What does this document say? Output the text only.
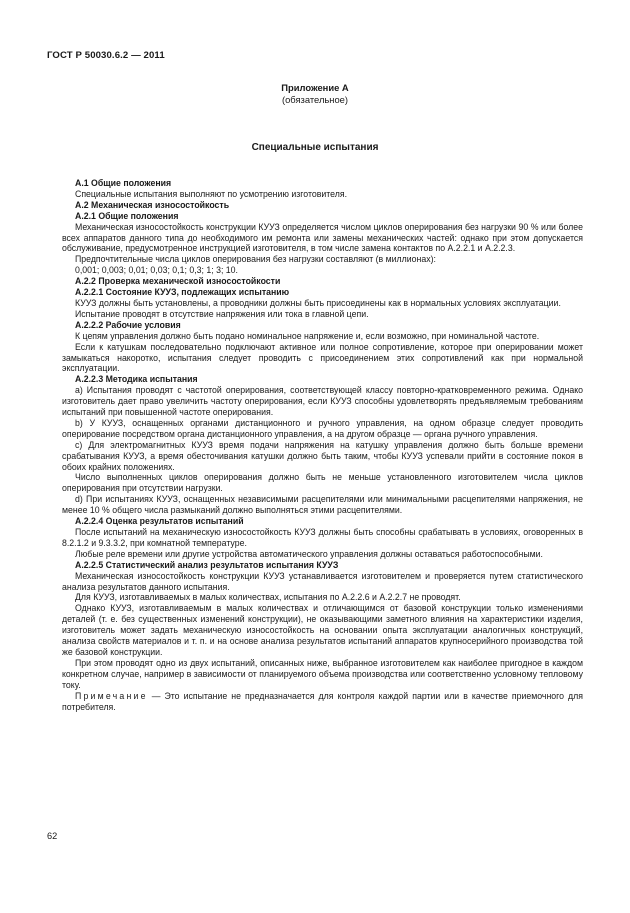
ГОСТ Р 50030.6.2 — 2011
Приложение А
(обязательное)
Специальные испытания

А.1 Общие положения

Специальные испытания выполняют по усмотрению изготовителя.

А.2 Механическая износостойкость

А.2.1 Общие положения

Механическая износостойкость конструкции КУУЗ определяется числом циклов оперирования без нагрузки 90 % или более всех аппаратов данного типа до необходимого им ремонта или замены механических частей: однако при этом допускается обслуживание, предусмотренное инструкцией изготовителя, в том числе замена контактов по А.2.2.1 и А.2.2.3.

Предпочтительные числа циклов оперирования без нагрузки составляют (в миллионах):

0,001; 0,003; 0,01; 0,03; 0,1; 0,3; 1; 3; 10.

А.2.2 Проверка механической износостойкости

А.2.2.1 Состояние КУУЗ, подлежащих испытанию

КУУЗ должны быть установлены, а проводники должны быть присоединены как в нормальных условиях эксплуатации.

Испытание проводят в отсутствие напряжения или тока в главной цепи.

А.2.2.2 Рабочие условия

К цепям управления должно быть подано номинальное напряжение и, если возможно, при номинальной частоте.

Если к катушкам последовательно подключают активное или полное сопротивление, которое при оперировании может замыкаться накоротко, испытания следует проводить с присоединением этих сопротивлений как при нормальной эксплуатации.

А.2.2.3 Методика испытания

а) Испытания проводят с частотой оперирования, соответствующей классу повторно-кратковременного режима. Однако изготовитель дает право увеличить частоту оперирования, если КУУЗ способны удовлетворять предъявляемым требованиям испытаний при повышенной частоте оперирования.

b) У КУУЗ, оснащенных органами дистанционного и ручного управления, на одном образце следует проводить оперирование посредством органа дистанционного управления, а на другом образце — органа ручного управления.

с) Для электромагнитных КУУЗ время подачи напряжения на катушку управления должно быть больше времени срабатывания КУУЗ, а время обесточивания катушки должно быть таким, чтобы КУУЗ успевали прийти в состояние покоя в обоих крайних положениях.

Число выполненных циклов оперирования должно быть не меньше установленного изготовителем числа циклов оперирования при отсутствии нагрузки.

d) При испытаниях КУУЗ, оснащенных независимыми расцепителями или минимальными расцепителями напряжения, не менее 10 % общего числа размыканий должно выполняться этими расцепителями.

А.2.2.4 Оценка результатов испытаний

После испытаний на механическую износостойкость КУУЗ должны быть способны срабатывать в условиях, оговоренных в 8.2.1.2 и 9.3.3.2, при комнатной температуре.

Любые реле времени или другие устройства автоматического управления должны оставаться работоспособными.

А.2.2.5 Статистический анализ результатов испытания КУУЗ

Механическая износостойкость конструкции КУУЗ устанавливается изготовителем и проверяется путем статистического анализа результатов данного испытания.

Для КУУЗ, изготавливаемых в малых количествах, испытания по А.2.2.6 и А.2.2.7 не проводят.

Однако КУУЗ, изготавливаемым в малых количествах и отличающимся от базовой конструкции только изменениями деталей (т. е. без существенных изменений конструкции), не оказывающими заметного влияния на характеристики изделия, изготовитель может задать механическую износостойкость на основании опыта эксплуатации аналогичных конструкций, анализа свойств материалов и т. п. и на основе анализа результатов испытаний аппаратов крупносерийного производства той же базовой конструкции.

При этом проводят одно из двух испытаний, описанных ниже, выбранное изготовителем как наиболее пригодное в каждом конкретном случае, например в зависимости от планируемого объема производства или соответственно условному тепловому току.

Примечание — Это испытание не предназначается для контроля каждой партии или в качестве приемочного для потребителя.

62
